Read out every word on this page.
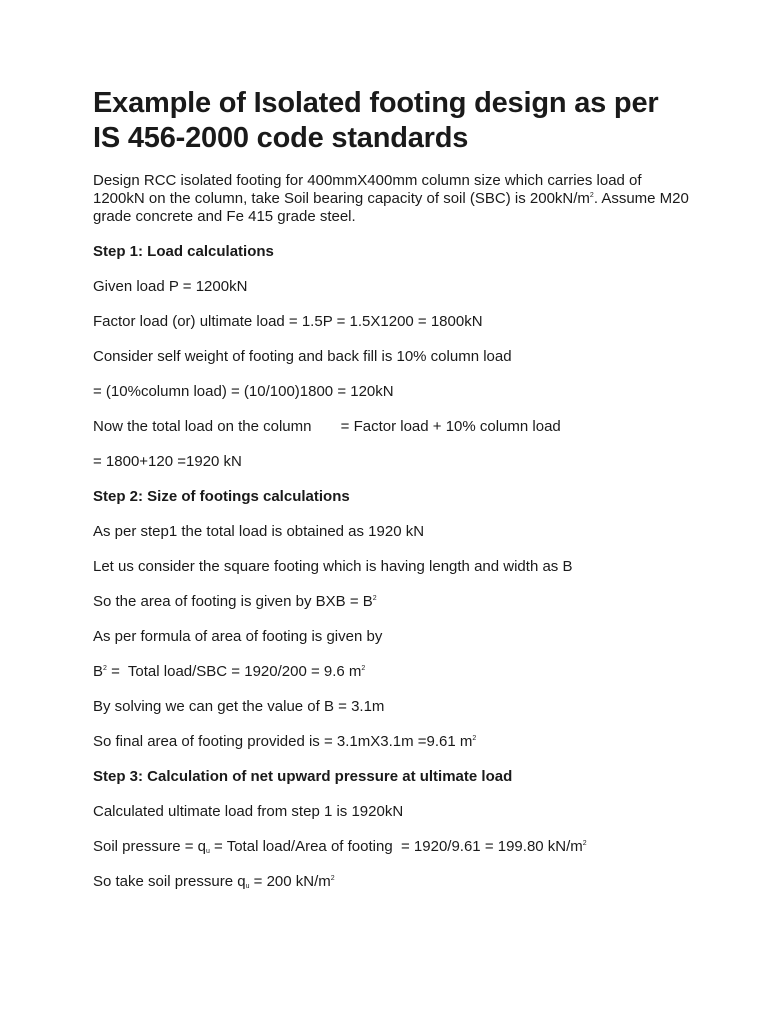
Example of Isolated footing design as per IS 456-2000 code standards

Design RCC isolated footing for 400mmX400mm column size which carries load of 1200kN on the column, take Soil bearing capacity of soil (SBC) is $200kN/m^2$. Assume M20 grade concrete and Fe 415 grade steel.

Step 1: Load calculations

Given load P = 1200kN

Factor load (or) ultimate load = 1.5P = 1.5X1200 = 1800kN

Consider self weight of footing and back fill is 10% column load

= (10%column load) = (10/100)1800 = 120kN

Now the total load on the column       = Factor load + 10% column load

= 1800+120 =1920 kN

Step 2: Size of footings calculations

As per step1 the total load is obtained as 1920 kN

Let us consider the square footing which is having length and width as B

So the area of footing is given by BXB = $B^2$

As per formula of area of footing is given by

$B^2$ =  Total load/SBC = 1920/200 = 9.6 $m^2$

By solving we can get the value of B = 3.1m

So final area of footing provided is = 3.1mX3.1m =9.61 $m^2$

Step 3: Calculation of net upward pressure at ultimate load

Calculated ultimate load from step 1 is 1920kN

Soil pressure = $q_u$ = Total load/Area of footing  = 1920/9.61 = 199.80 $kN/m^2$

So take soil pressure $q_u = 200$ $kN/m^2$
